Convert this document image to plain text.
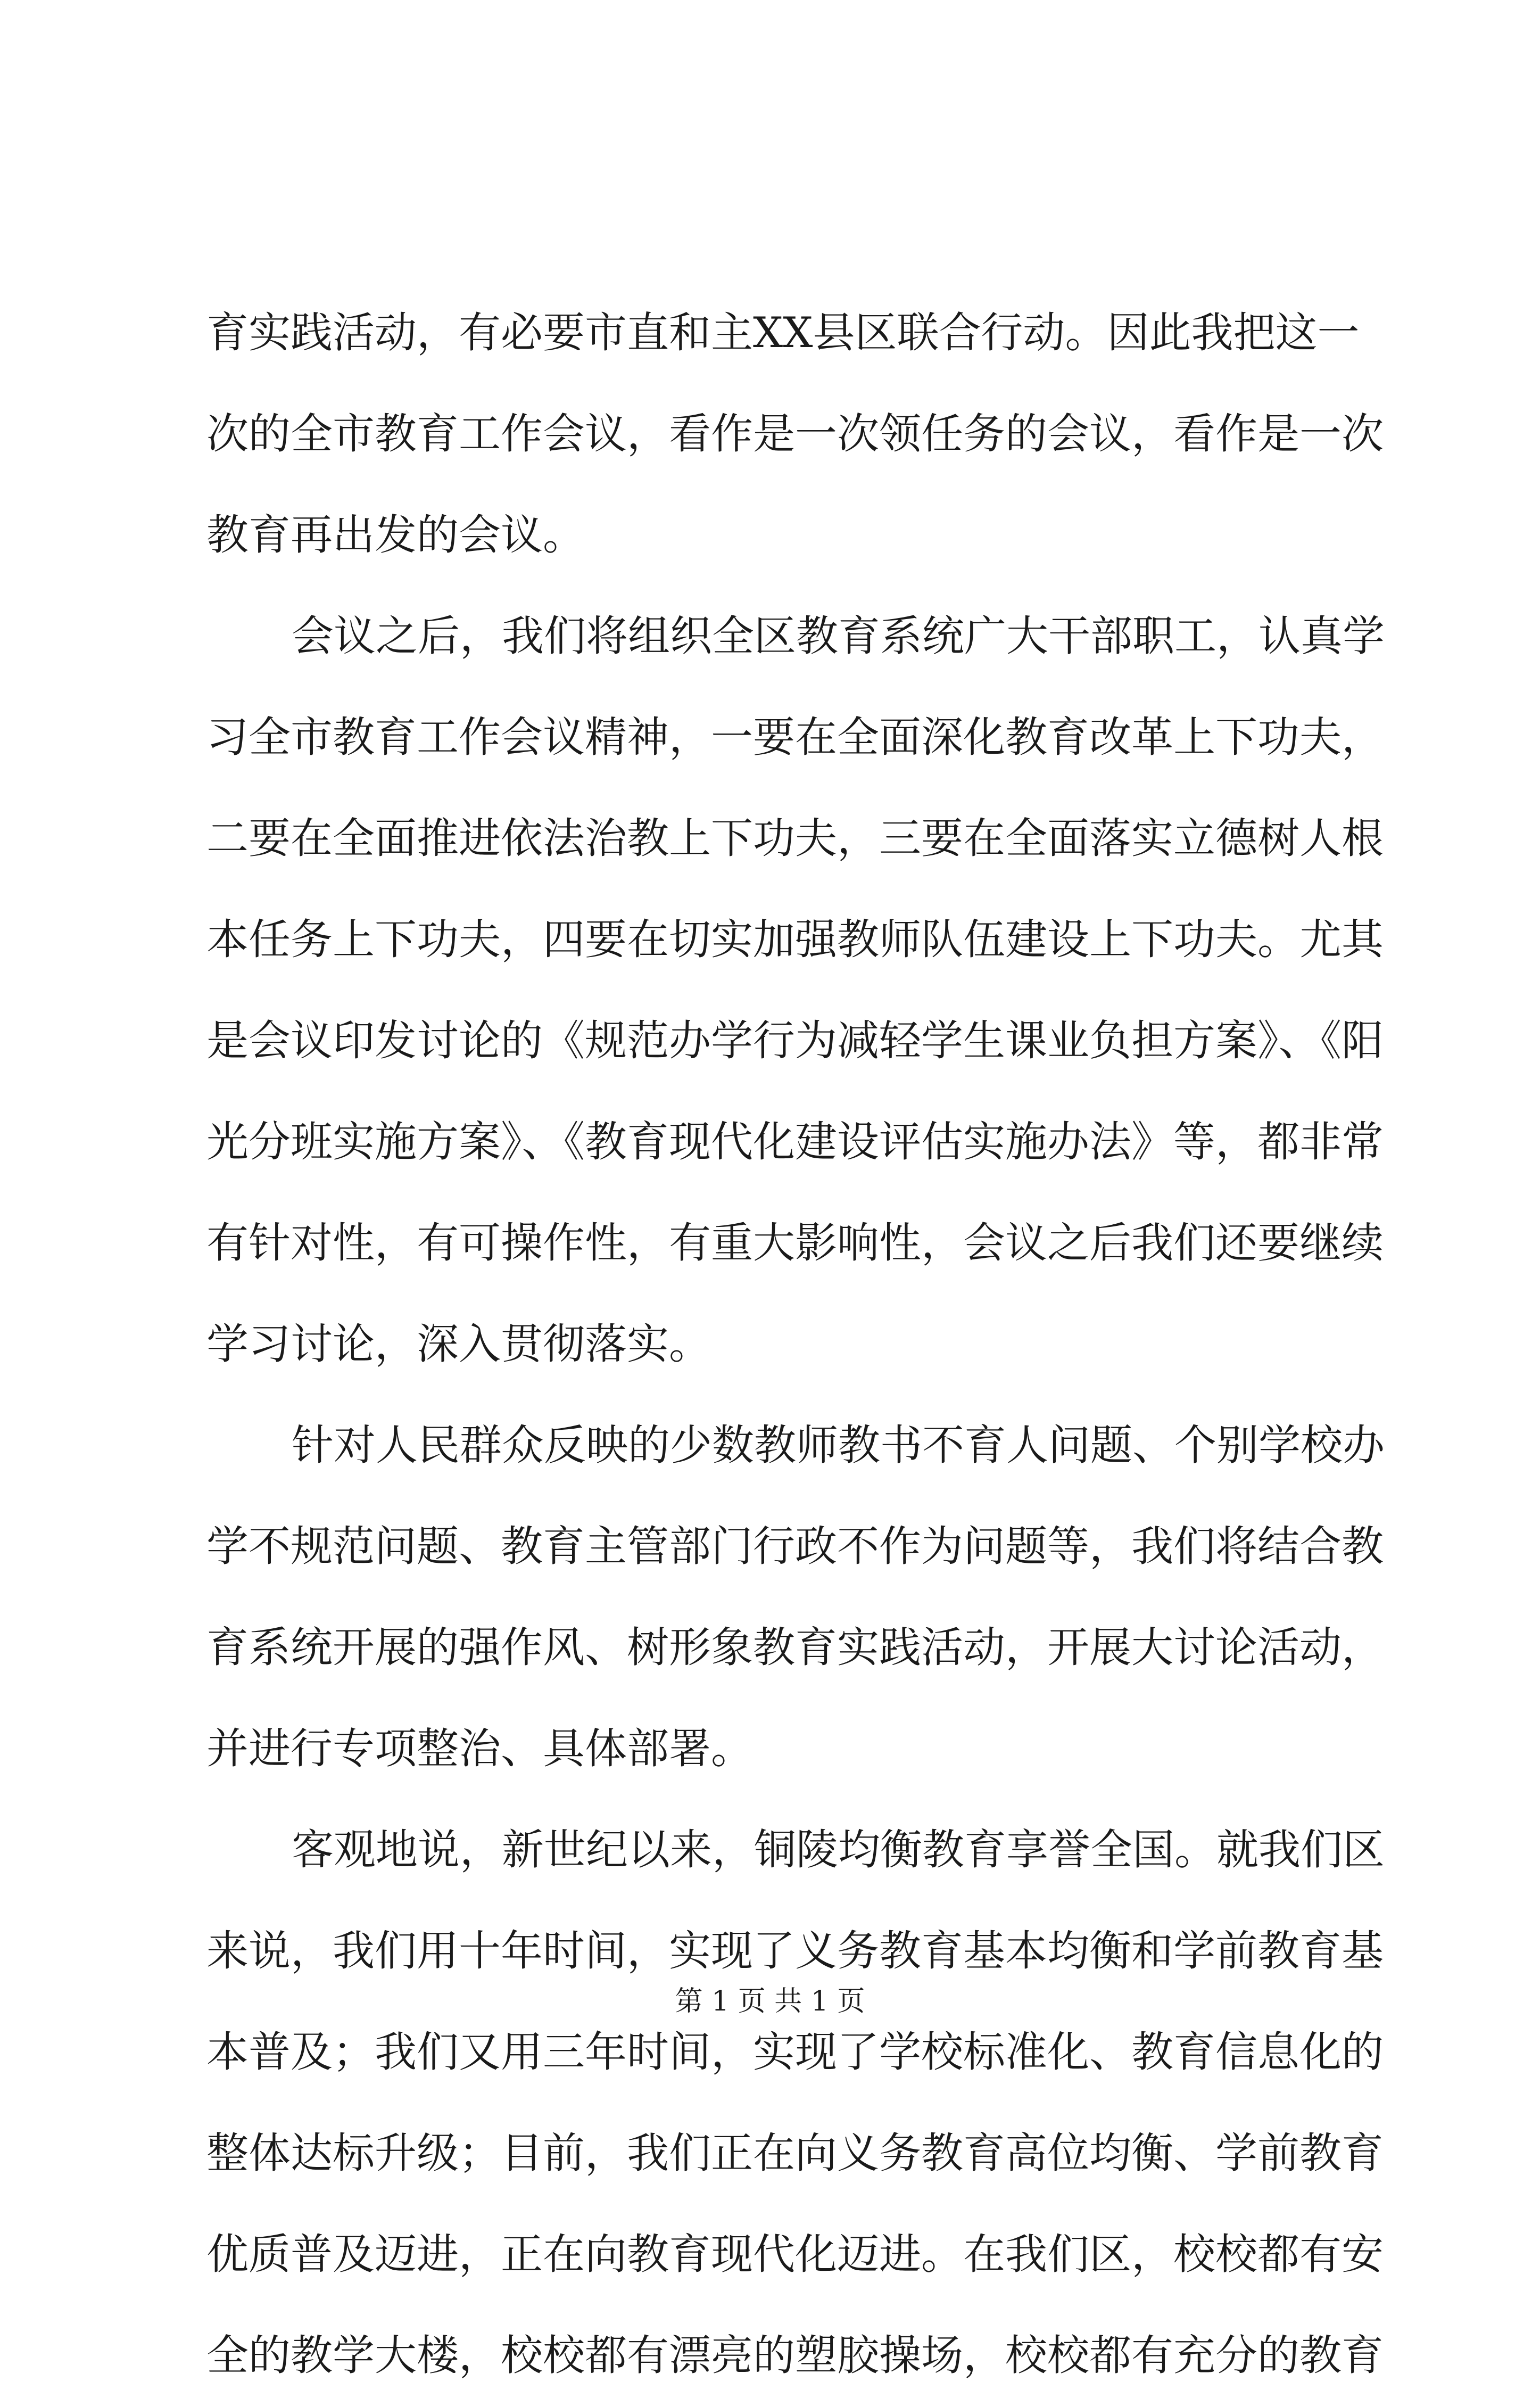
育实践活动，有必要市直和主XX县区联合行动。因此我把这一
次的全市教育工作会议，看作是一次领任务的会议，看作是一次
教育再出发的会议。
会议之后，我们将组织全区教育系统广大干部职工，认真学
习全市教育工作会议精神，一要在全面深化教育改革上下功夫，
二要在全面推进依法治教上下功夫，三要在全面落实立德树人根
本任务上下功夫，四要在切实加强教师队伍建设上下功夫。尤其
是会议印发讨论的《规范办学行为减轻学生课业负担方案》、《阳
光分班实施方案》、《教育现代化建设评估实施办法》等，都非常
有针对性，有可操作性，有重大影响性，会议之后我们还要继续
学习讨论，深入贯彻落实。
针对人民群众反映的少数教师教书不育人问题、个别学校办
学不规范问题、教育主管部门行政不作为问题等，我们将结合教
育系统开展的强作风、树形象教育实践活动，开展大讨论活动，
并进行专项整治、具体部署。
客观地说，新世纪以来，铜陵均衡教育享誉全国。就我们区
来说，我们用十年时间，实现了义务教育基本均衡和学前教育基
本普及；我们又用三年时间，实现了学校标准化、教育信息化的
整体达标升级；目前，我们正在向义务教育高位均衡、学前教育
优质普及迈进，正在向教育现代化迈进。在我们区，校校都有安
全的教学大楼，校校都有漂亮的塑胶操场，校校都有充分的教育
第 1 页 共 1 页
